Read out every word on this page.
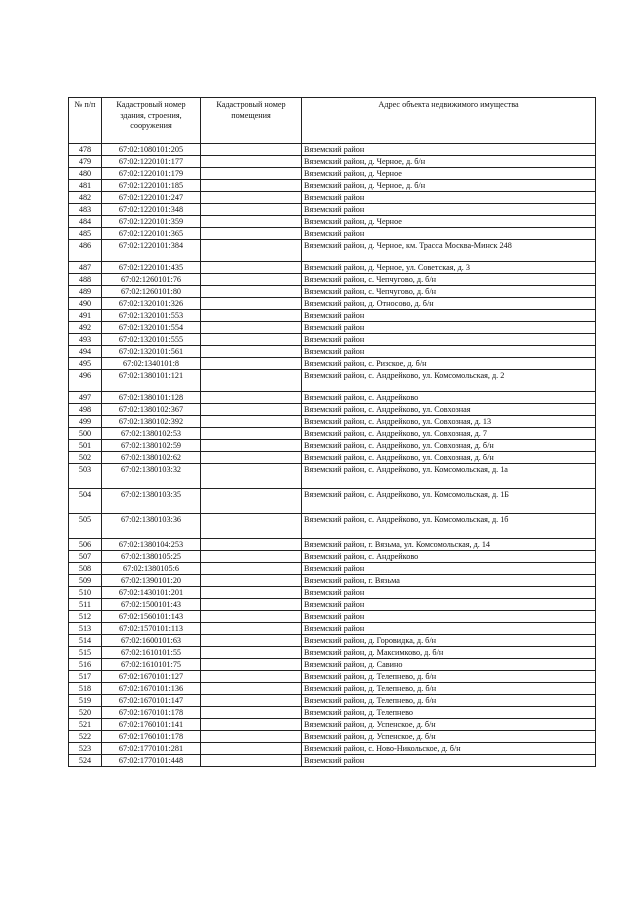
№ п/п	Кадастровый номер здания, строения, сооружения	Кадастровый номер помещения	Адрес объекта недвижимого имущества
478	67:02:1080101:205		Вяземский район
479	67:02:1220101:177		Вяземский район, д. Черное, д. б/н
480	67:02:1220101:179		Вяземский район, д. Черное
481	67:02:1220101:185		Вяземский район, д. Черное, д. б/н
482	67:02:1220101:247		Вяземский район
483	67:02:1220101:348		Вяземский район
484	67:02:1220101:359		Вяземский район, д. Черное
485	67:02:1220101:365		Вяземский район
486	67:02:1220101:384		Вяземский район, д. Черное, км. Трасса Москва-Минск 248
487	67:02:1220101:435		Вяземский район, д. Черное, ул. Советская, д. 3
488	67:02:1260101:76		Вяземский район, с. Чепчугово, д. б/н
489	67:02:1260101:80		Вяземский район, с. Чепчугово, д. б/н
490	67:02:1320101:326		Вяземский район, д. Относово, д. б/н
491	67:02:1320101:553		Вяземский район
492	67:02:1320101:554		Вяземский район
493	67:02:1320101:555		Вяземский район
494	67:02:1320101:561		Вяземский район
495	67:02:1340101:8		Вяземский район, с. Ризское, д. б/н
496	67:02:1380101:121		Вяземский район, с. Андрейково, ул. Комсомольская, д. 2
497	67:02:1380101:128		Вяземский район, с. Андрейково
498	67:02:1380102:367		Вяземский район, с. Андрейково, ул. Совхозная
499	67:02:1380102:392		Вяземский район, с. Андрейково, ул. Совхозная, д. 13
500	67:02:1380102:53		Вяземский район, с. Андрейково, ул. Совхозная, д. 7
501	67:02:1380102:59		Вяземский район, с. Андрейково, ул. Совхозная, д. б/н
502	67:02:1380102:62		Вяземский район, с. Андрейково, ул. Совхозная, д. б/н
503	67:02:1380103:32		Вяземский район, с. Андрейково, ул. Комсомольская, д. 1а
504	67:02:1380103:35		Вяземский район, с. Андрейково, ул. Комсомольская, д. 1Б
505	67:02:1380103:36		Вяземский район, с. Андрейково, ул. Комсомольская, д. 1б
506	67:02:1380104:253		Вяземский район, г. Вязьма, ул. Комсомольская, д. 14
507	67:02:1380105:25		Вяземский район, с. Андрейково
508	67:02:1380105:6		Вяземский район
509	67:02:1390101:20		Вяземский район, г. Вязьма
510	67:02:1430101:201		Вяземский район
511	67:02:1500101:43		Вяземский район
512	67:02:1560101:143		Вяземский район
513	67:02:1570101:113		Вяземский район
514	67:02:1600101:63		Вяземский район, д. Горовидка, д. б/н
515	67:02:1610101:55		Вяземский район, д. Максимково, д. б/н
516	67:02:1610101:75		Вяземский район, д. Савино
517	67:02:1670101:127		Вяземский район, д. Телепнево, д. б/н
518	67:02:1670101:136		Вяземский район, д. Телепнево, д. б/н
519	67:02:1670101:147		Вяземский район, д. Телепнево, д. б/н
520	67:02:1670101:178		Вяземский район, д. Телепнево
521	67:02:1760101:141		Вяземский район, д. Успенское, д. б/н
522	67:02:1760101:178		Вяземский район, д. Успенское, д. б/н
523	67:02:1770101:281		Вяземский район, с. Ново-Никольское, д. б/н
524	67:02:1770101:448		Вяземский район
